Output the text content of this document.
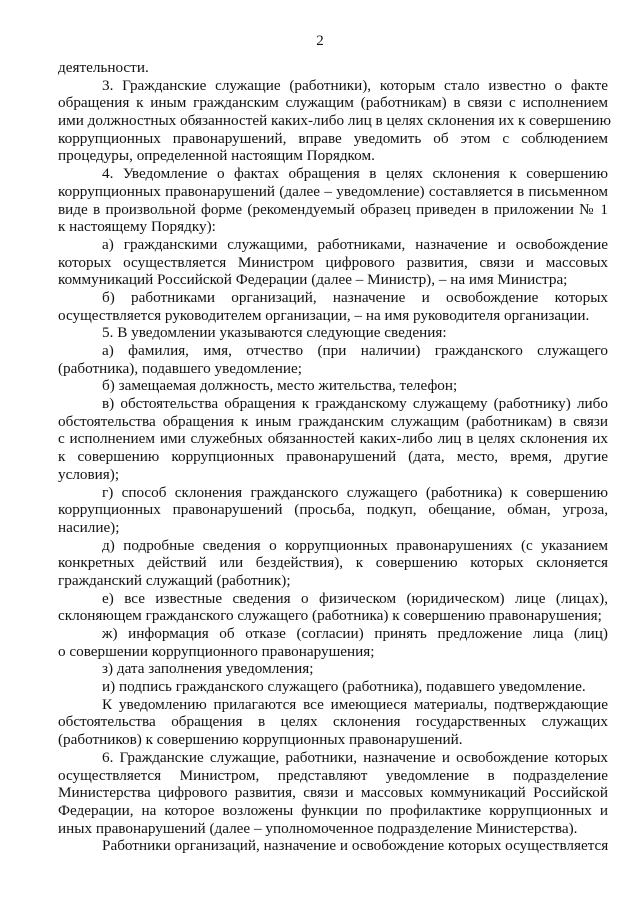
2
деятельности.
3. Гражданские служащие (работники), которым стало известно о факте
обращения к иным гражданским служащим (работникам) в связи с исполнением
ими должностных обязанностей каких-либо лиц в целях склонения их к совершению
коррупционных правонарушений, вправе уведомить об этом с соблюдением
процедуры, определенной настоящим Порядком.
4. Уведомление о фактах обращения в целях склонения к совершению
коррупционных правонарушений (далее – уведомление) составляется в письменном
виде в произвольной форме (рекомендуемый образец приведен в приложении № 1
к настоящему Порядку):
а) гражданскими служащими, работниками, назначение и освобождение
которых осуществляется Министром цифрового развития, связи и массовых
коммуникаций Российской Федерации (далее – Министр), – на имя Министра;
б) работниками организаций, назначение и освобождение которых
осуществляется руководителем организации, – на имя руководителя организации.
5. В уведомлении указываются следующие сведения:
а) фамилия, имя, отчество (при наличии) гражданского служащего
(работника), подавшего уведомление;
б) замещаемая должность, место жительства, телефон;
в) обстоятельства обращения к гражданскому служащему (работнику) либо
обстоятельства обращения к иным гражданским служащим (работникам) в связи
с исполнением ими служебных обязанностей каких-либо лиц в целях склонения их
к совершению коррупционных правонарушений (дата, место, время, другие
условия);
г) способ склонения гражданского служащего (работника) к совершению
коррупционных правонарушений (просьба, подкуп, обещание, обман, угроза,
насилие);
д) подробные сведения о коррупционных правонарушениях (с указанием
конкретных действий или бездействия), к совершению которых склоняется
гражданский служащий (работник);
е) все известные сведения о физическом (юридическом) лице (лицах),
склоняющем гражданского служащего (работника) к совершению правонарушения;
ж) информация об отказе (согласии) принять предложение лица (лиц)
о совершении коррупционного правонарушения;
з) дата заполнения уведомления;
и) подпись гражданского служащего (работника), подавшего уведомление.
К уведомлению прилагаются все имеющиеся материалы, подтверждающие
обстоятельства обращения в целях склонения государственных служащих
(работников) к совершению коррупционных правонарушений.
6. Гражданские служащие, работники, назначение и освобождение которых
осуществляется Министром, представляют уведомление в подразделение
Министерства цифрового развития, связи и массовых коммуникаций Российской
Федерации, на которое возложены функции по профилактике коррупционных и
иных правонарушений (далее – уполномоченное подразделение Министерства).
Работники организаций, назначение и освобождение которых осуществляется
